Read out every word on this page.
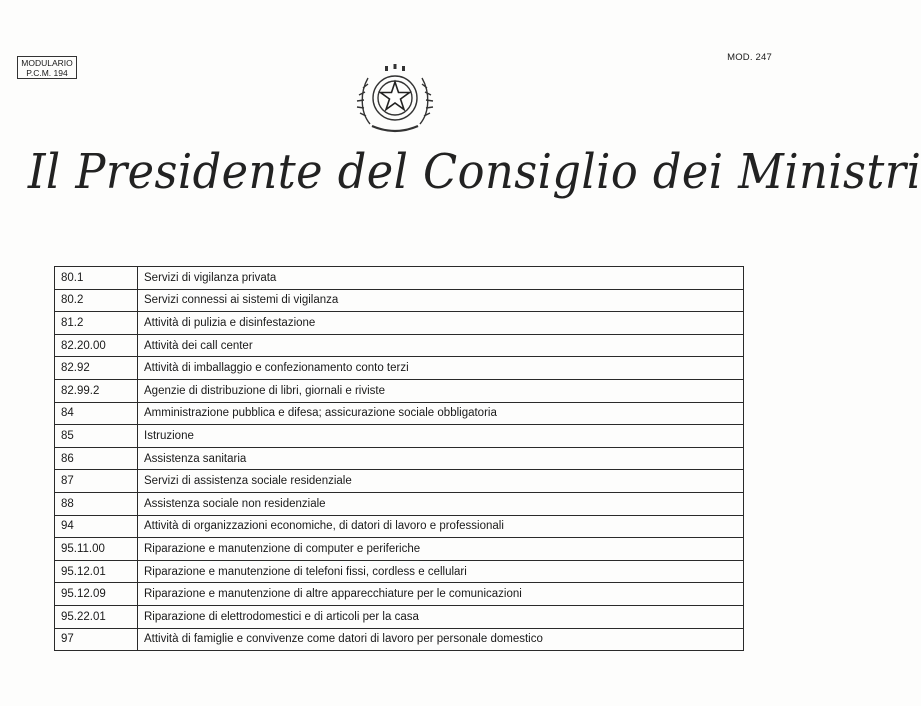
MODULARIO
P.C.M. 194
MOD. 247
Il Presidente del Consiglio dei Ministri
80.1	Servizi di vigilanza privata
80.2	Servizi connessi ai sistemi di vigilanza
81.2	Attività di pulizia e disinfestazione
82.20.00	Attività dei call center
82.92	Attività di imballaggio e confezionamento conto terzi
82.99.2	Agenzie di distribuzione di libri, giornali e riviste
84	Amministrazione pubblica e difesa; assicurazione sociale obbligatoria
85	Istruzione
86	Assistenza sanitaria
87	Servizi di assistenza sociale residenziale
88	Assistenza sociale non residenziale
94	Attività di organizzazioni economiche, di datori di lavoro e professionali
95.11.00	Riparazione e manutenzione di computer e periferiche
95.12.01	Riparazione e manutenzione di telefoni fissi, cordless e cellulari
95.12.09	Riparazione e manutenzione di altre apparecchiature per le comunicazioni
95.22.01	Riparazione di elettrodomestici e di articoli per la casa
97	Attività di famiglie e convivenze come datori di lavoro per personale domestico
